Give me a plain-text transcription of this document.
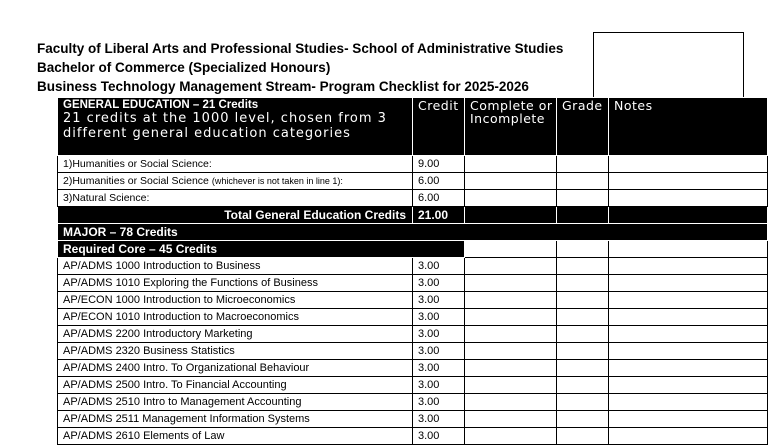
Faculty of Liberal Arts and Professional Studies- School of Administrative Studies
Bachelor of Commerce (Specialized Honours)
Business Technology Management Stream- Program Checklist for 2025-2026
GENERAL EDUCATION – 21 Credits
21 credits at the 1000 level, chosen from 3 different general education categories	Credit	Complete or Incomplete	Grade	Notes
1)Humanities or Social Science:	9.00			
2)Humanities or Social Science (whichever is not taken in line 1):	6.00			
3)Natural Science:	6.00			
Total General Education Credits	21.00			
MAJOR – 78 Credits				
Required Core – 45 Credits				
AP/ADMS 1000 Introduction to Business	3.00			
AP/ADMS 1010 Exploring the Functions of Business	3.00			
AP/ECON 1000 Introduction to Microeconomics	3.00			
AP/ECON 1010 Introduction to Macroeconomics	3.00			
AP/ADMS 2200 Introductory Marketing	3.00			
AP/ADMS 2320 Business Statistics	3.00			
AP/ADMS 2400 Intro. To Organizational Behaviour	3.00			
AP/ADMS 2500 Intro. To Financial Accounting	3.00			
AP/ADMS 2510 Intro to Management Accounting	3.00			
AP/ADMS 2511 Management Information Systems	3.00			
AP/ADMS 2610 Elements of Law	3.00			
